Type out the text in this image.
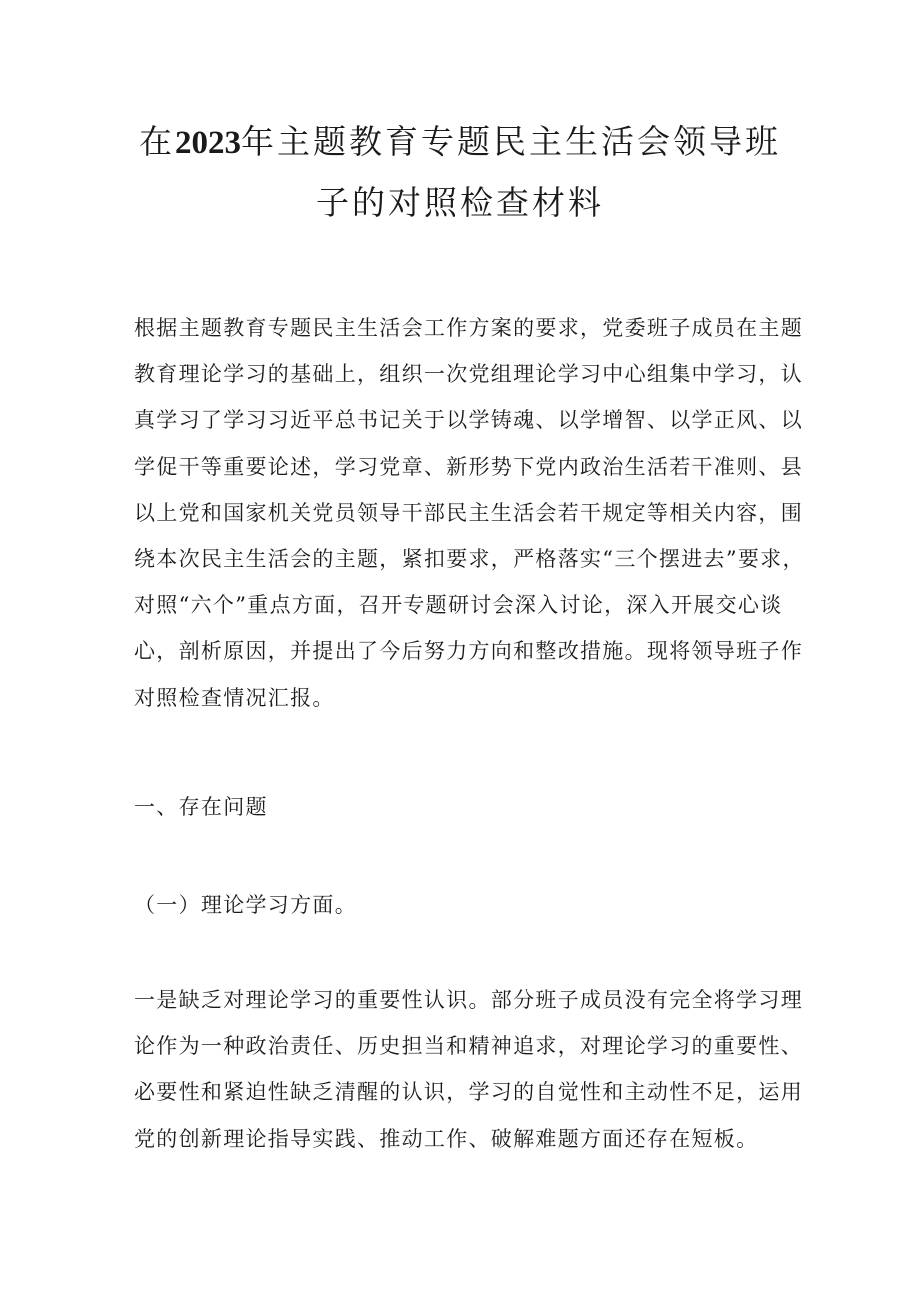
在2023年主题教育专题民主生活会领导班
子的对照检查材料

根据主题教育专题民主生活会工作方案的要求，党委班子成员在主题
教育理论学习的基础上，组织一次党组理论学习中心组集中学习，认
真学习了学习习近平总书记关于以学铸魂、以学增智、以学正风、以
学促干等重要论述，学习党章、新形势下党内政治生活若干准则、县
以上党和国家机关党员领导干部民主生活会若干规定等相关内容，围
绕本次民主生活会的主题，紧扣要求，严格落实“三个摆进去”要求，
对照“六个”重点方面，召开专题研讨会深入讨论，深入开展交心谈
心，剖析原因，并提出了今后努力方向和整改措施。现将领导班子作
对照检查情况汇报。

一、存在问题

（一）理论学习方面。

一是缺乏对理论学习的重要性认识。部分班子成员没有完全将学习理
论作为一种政治责任、历史担当和精神追求，对理论学习的重要性、
必要性和紧迫性缺乏清醒的认识，学习的自觉性和主动性不足，运用
党的创新理论指导实践、推动工作、破解难题方面还存在短板。
